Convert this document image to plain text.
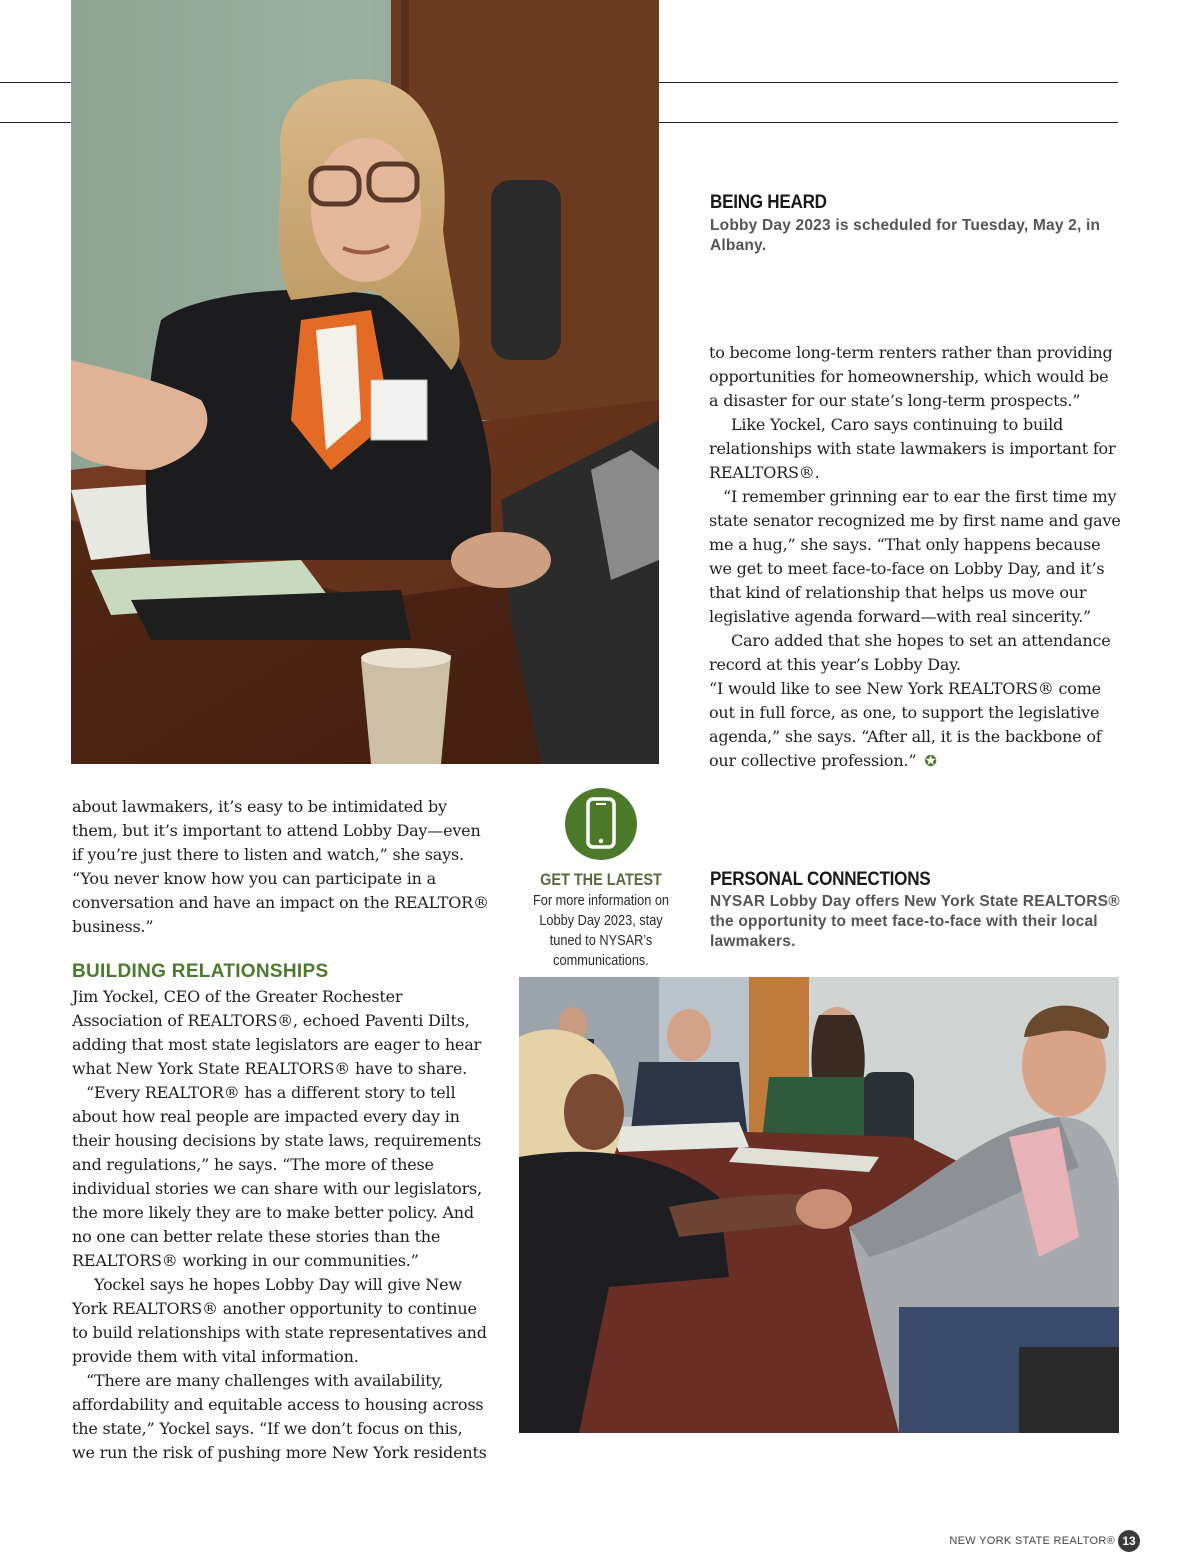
BEING HEARD
Lobby Day 2023 is scheduled for Tuesday, May 2, in Albany.

to become long-term renters rather than providing opportunities for homeownership, which would be a disaster for our state’s long-term prospects.”

Like Yockel, Caro says continuing to build relationships with state lawmakers is important for REALTORS®.

“I remember grinning ear to ear the first time my state senator recognized me by first name and gave me a hug,” she says. “That only happens because we get to meet face-to-face on Lobby Day, and it’s that kind of relationship that helps us move our legislative agenda forward—with real sincerity.”

Caro added that she hopes to set an attendance record at this year’s Lobby Day.

“I would like to see New York REALTORS® come out in full force, as one, to support the legislative agenda,” she says. “After all, it is the backbone of our collective profession.” ✪

about lawmakers, it’s easy to be intimidated by them, but it’s important to attend Lobby Day—even if you’re just there to listen and watch,” she says. “You never know how you can participate in a conversation and have an impact on the REALTOR® business.”

BUILDING RELATIONSHIPS

Jim Yockel, CEO of the Greater Rochester Association of REALTORS®, echoed Paventi Dilts, adding that most state legislators are eager to hear what New York State REALTORS® have to share.

“Every REALTOR® has a different story to tell about how real people are impacted every day in their housing decisions by state laws, requirements and regulations,” he says. “The more of these individual stories we can share with our legislators, the more likely they are to make better policy. And no one can better relate these stories than the REALTORS® working in our communities.”

Yockel says he hopes Lobby Day will give New York REALTORS® another opportunity to continue to build relationships with state representatives and provide them with vital information.

“There are many challenges with availability, affordability and equitable access to housing across the state,” Yockel says. “If we don’t focus on this, we run the risk of pushing more New York residents

GET THE LATEST
For more information on Lobby Day 2023, stay tuned to NYSAR’s communications.
PERSONAL CONNECTIONS
NYSAR Lobby Day offers New York State REALTORS® the opportunity to meet face-to-face with their local lawmakers.
NEW YORK STATE REALTOR® 13
